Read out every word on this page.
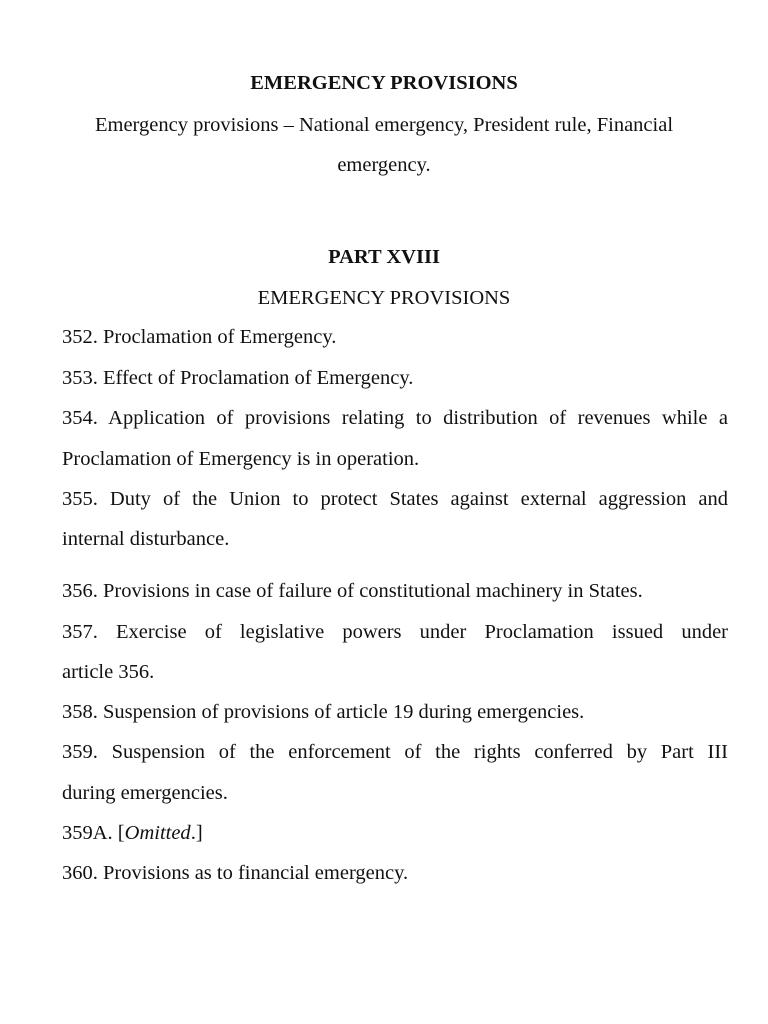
EMERGENCY PROVISIONS
Emergency provisions – National emergency, President rule, Financial
emergency.
PART XVIII
EMERGENCY PROVISIONS
352. Proclamation of Emergency.
353. Effect of Proclamation of Emergency.
354. Application of provisions relating to distribution of revenues while a
Proclamation of Emergency is in operation.
355. Duty of the Union to protect States against external aggression and
internal disturbance.
356. Provisions in case of failure of constitutional machinery in States.
357. Exercise of legislative powers under Proclamation issued under
article 356.
358. Suspension of provisions of article 19 during emergencies.
359. Suspension of the enforcement of the rights conferred by Part III
during emergencies.
359A. [Omitted.]
360. Provisions as to financial emergency.
